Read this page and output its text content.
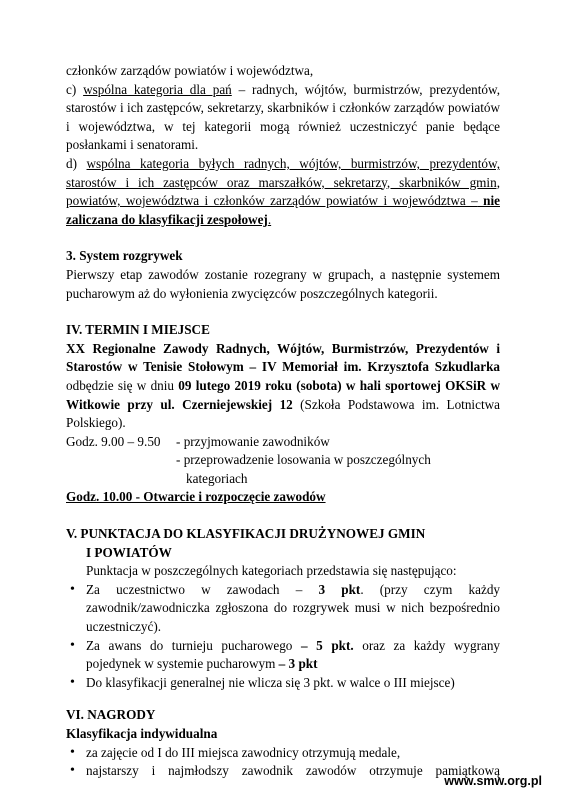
członków zarządów powiatów i województwa,

c) wspólna kategoria dla pań – radnych, wójtów, burmistrzów, prezydentów, starostów i ich zastępców, sekretarzy, skarbników i członków zarządów powiatów i województwa, w tej kategorii mogą również uczestniczyć panie będące posłankami i senatorami.

d) wspólna kategoria byłych radnych, wójtów, burmistrzów, prezydentów, starostów i ich zastępców oraz marszałków, sekretarzy, skarbników gmin, powiatów, województwa i członków zarządów powiatów i województwa – nie zaliczana do klasyfikacji zespołowej.

3. System rozgrywek

Pierwszy etap zawodów zostanie rozegrany w grupach, a następnie systemem pucharowym aż do wyłonienia zwycięzców poszczególnych kategorii.

IV. TERMIN I MIEJSCE

XX Regionalne Zawody Radnych, Wójtów, Burmistrzów, Prezydentów i Starostów w Tenisie Stołowym – IV Memoriał im. Krzysztofa Szkudlarka odbędzie się w dniu 09 lutego 2019 roku (sobota) w hali sportowej OKSiR w Witkowie przy ul. Czerniejewskiej 12 (Szkoła Podstawowa im. Lotnictwa Polskiego).

Godz. 9.00 – 9.50	- przyjmowanie zawodników
- przeprowadzenie losowania w poszczególnych
kategoriach

Godz. 10.00 - Otwarcie i rozpoczęcie zawodów

V. PUNKTACJA DO KLASYFIKACJI DRUŻYNOWEJ GMIN
I POWIATÓW

Punktacja w poszczególnych kategoriach przedstawia się następująco:

• Za uczestnictwo w zawodach – 3 pkt. (przy czym każdy zawodnik/zawodniczka zgłoszona do rozgrywek musi w nich bezpośrednio uczestniczyć).
• Za awans do turnieju pucharowego – 5 pkt. oraz za każdy wygrany pojedynek w systemie pucharowym – 3 pkt
• Do klasyfikacji generalnej nie wlicza się 3 pkt. w walce o III miejsce)
VI. NAGRODY

Klasyfikacja indywidualna

• za zajęcie od I do III miejsca zawodnicy otrzymują medale,
• najstarszy i najmłodszy zawodnik zawodów otrzymuje pamiątkową
www.smw.org.pl
